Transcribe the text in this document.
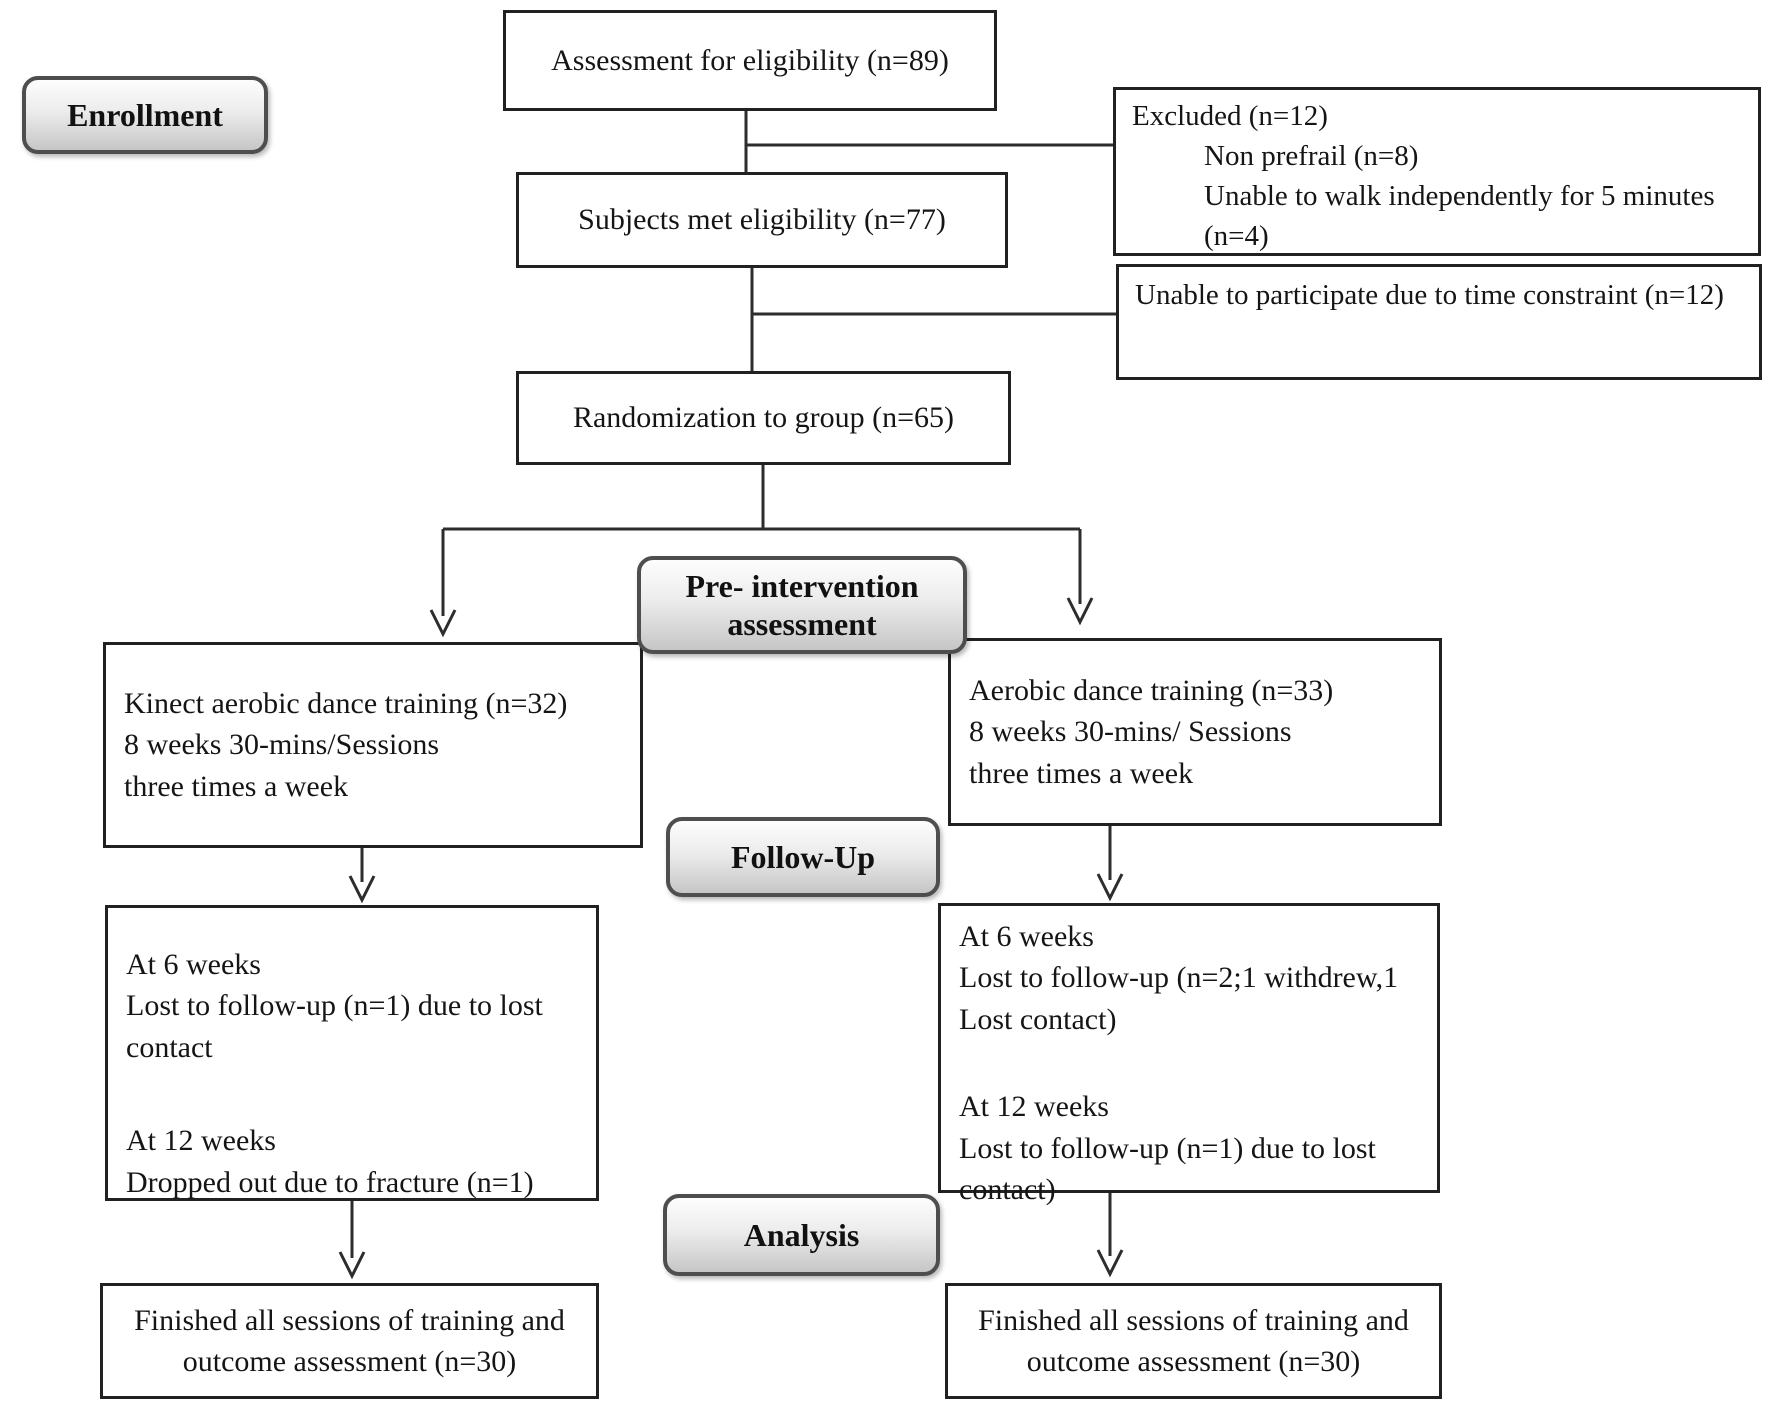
Enrollment
Pre- intervention assessment
Follow-Up
Analysis
Assessment for eligibility (n=89)
Excluded (n=12)
Non prefrail (n=8)
Unable to walk independently for 5 minutes (n=4)
Subjects met eligibility (n=77)
Unable to participate due to time constraint (n=12)
Randomization to group (n=65)
Kinect aerobic dance training (n=32)
8 weeks 30-mins/Sessions
three times a week
Aerobic dance training (n=33)
8 weeks 30-mins/ Sessions
three times a week
At 6 weeks
Lost to follow-up (n=1) due to lost contact
At 12 weeks
Dropped out due to fracture (n=1)
At 6 weeks
Lost to follow-up (n=2;1 withdrew,1 Lost contact)
At 12 weeks
Lost to follow-up (n=1) due to lost contact)
Finished all sessions of training and outcome assessment (n=30)
Finished all sessions of training and outcome assessment (n=30)
